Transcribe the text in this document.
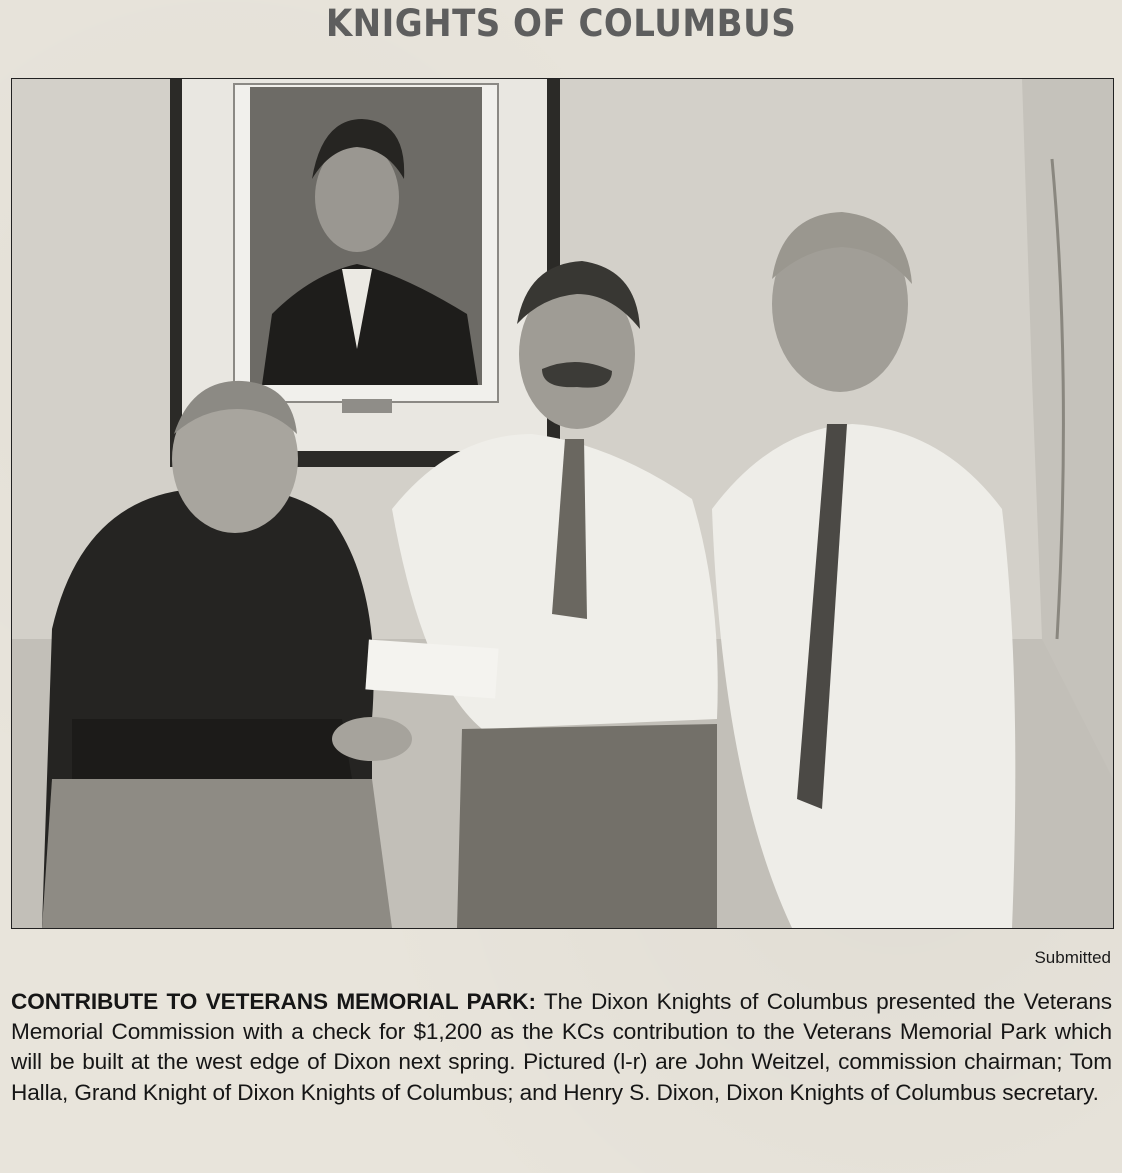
KNIGHTS OF COLUMBUS
Submitted

CONTRIBUTE TO VETERANS MEMORIAL PARK: The Dixon Knights of Columbus presented the Veterans Memorial Commission with a check for $1,200 as the KCs contribution to the Veterans Memorial Park which will be built at the west edge of Dixon next spring. Pictured (l-r) are John Weitzel, commission chairman; Tom Halla, Grand Knight of Dixon Knights of Columbus; and Henry S. Dixon, Dixon Knights of Columbus secretary.
